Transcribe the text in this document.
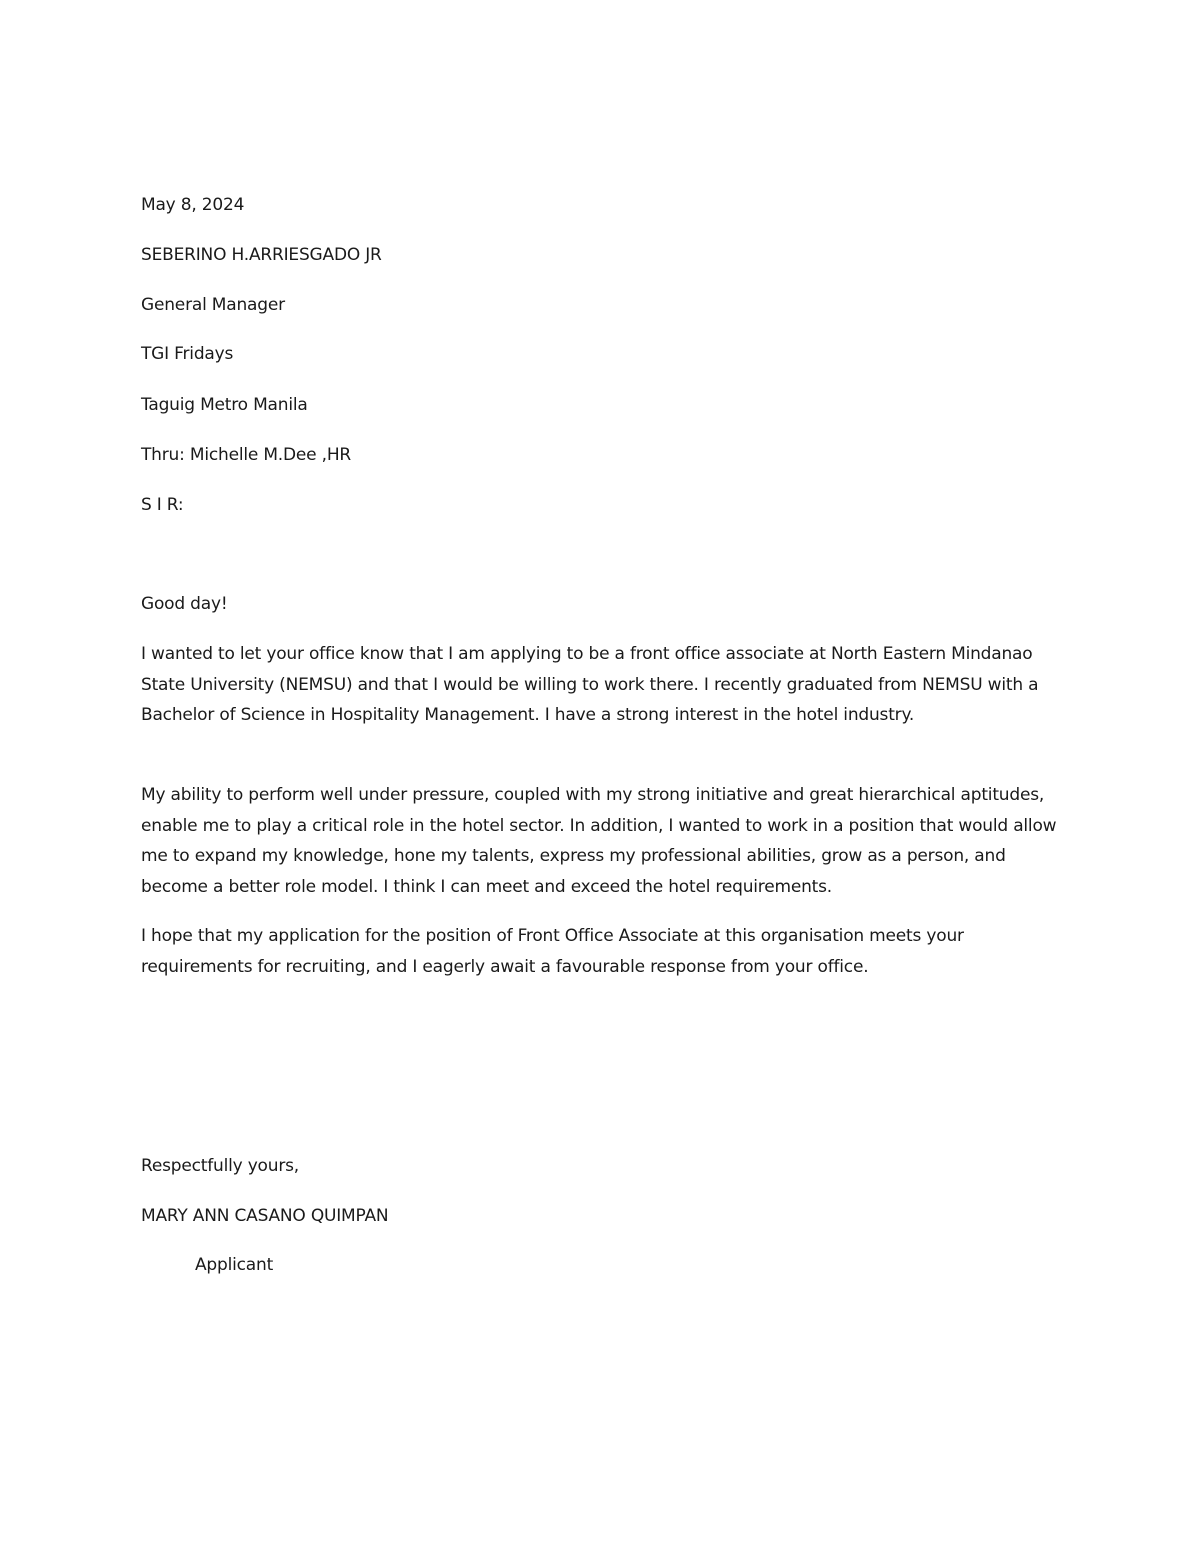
May 8, 2024

SEBERINO H.ARRIESGADO JR

General Manager

TGI Fridays

Taguig Metro Manila

Thru: Michelle M.Dee ,HR

S I R:

Good day!

I wanted to let your office know that I am applying to be a front office associate at North Eastern Mindanao State University (NEMSU) and that I would be willing to work there. I recently graduated from NEMSU with a Bachelor of Science in Hospitality Management. I have a strong interest in the hotel industry.

My ability to perform well under pressure, coupled with my strong initiative and great hierarchical aptitudes, enable me to play a critical role in the hotel sector. In addition, I wanted to work in a position that would allow me to expand my knowledge, hone my talents, express my professional abilities, grow as a person, and become a better role model. I think I can meet and exceed the hotel requirements.

I hope that my application for the position of Front Office Associate at this organisation meets your requirements for recruiting, and I eagerly await a favourable response from your office.

Respectfully yours,

MARY ANN CASANO QUIMPAN

Applicant
